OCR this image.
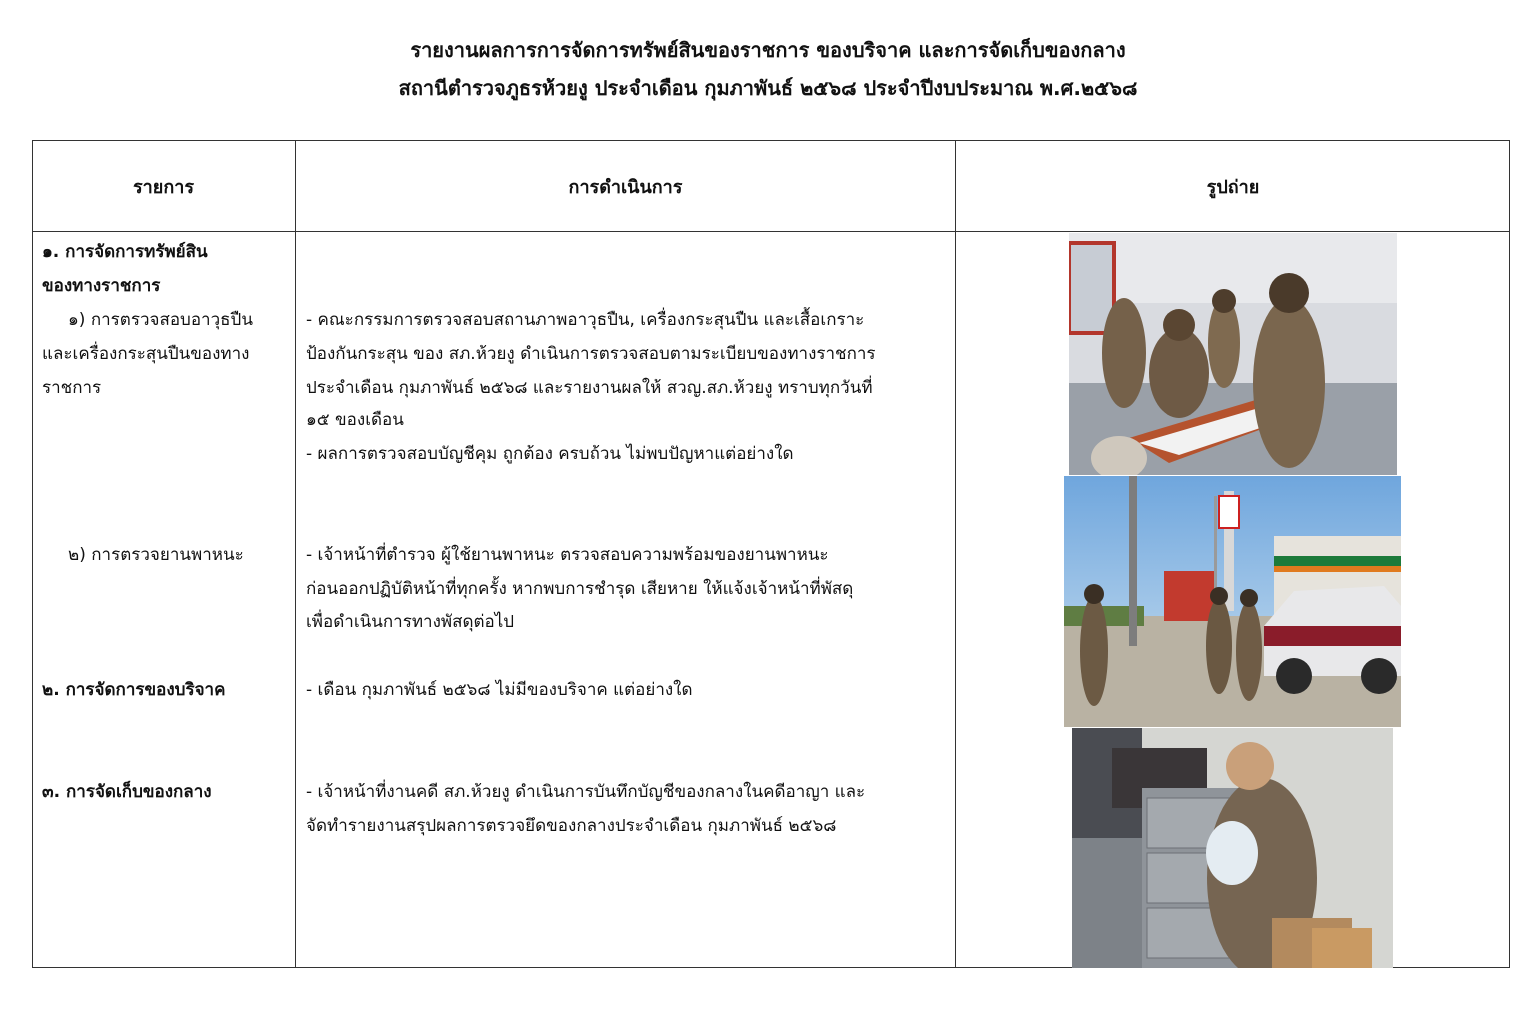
รายงานผลการการจัดการทรัพย์สินของราชการ ของบริจาค และการจัดเก็บของกลาง
สถานีตำรวจภูธรห้วยงู ประจำเดือน กุมภาพันธ์ ๒๕๖๘ ประจำปีงบประมาณ พ.ศ.๒๕๖๘
รายการ	การดำเนินการ	รูปถ่าย
๑. การจัดการทรัพย์สิน
ของทางราชการ
๑) การตรวจสอบอาวุธปืน
และเครื่องกระสุนปืนของทาง
ราชการ
๒) การตรวจยานพาหนะ
๒. การจัดการของบริจาค
๓. การจัดเก็บของกลาง
- คณะกรรมการตรวจสอบสถานภาพอาวุธปืน, เครื่องกระสุนปืน และเสื้อเกราะ
ป้องกันกระสุน ของ สภ.ห้วยงู ดำเนินการตรวจสอบตามระเบียบของทางราชการ
ประจำเดือน กุมภาพันธ์ ๒๕๖๘ และรายงานผลให้ สวญ.สภ.ห้วยงู ทราบทุกวันที่
๑๕ ของเดือน
- ผลการตรวจสอบบัญชีคุม ถูกต้อง ครบถ้วน ไม่พบปัญหาแต่อย่างใด
- เจ้าหน้าที่ตำรวจ ผู้ใช้ยานพาหนะ ตรวจสอบความพร้อมของยานพาหนะ
ก่อนออกปฏิบัติหน้าที่ทุกครั้ง หากพบการชำรุด เสียหาย ให้แจ้งเจ้าหน้าที่พัสดุ
เพื่อดำเนินการทางพัสดุต่อไป
- เดือน กุมภาพันธ์ ๒๕๖๘ ไม่มีของบริจาค แต่อย่างใด
- เจ้าหน้าที่งานคดี สภ.ห้วยงู ดำเนินการบันทึกบัญชีของกลางในคดีอาญา และ
จัดทำรายงานสรุปผลการตรวจยึดของกลางประจำเดือน กุมภาพันธ์ ๒๕๖๘
